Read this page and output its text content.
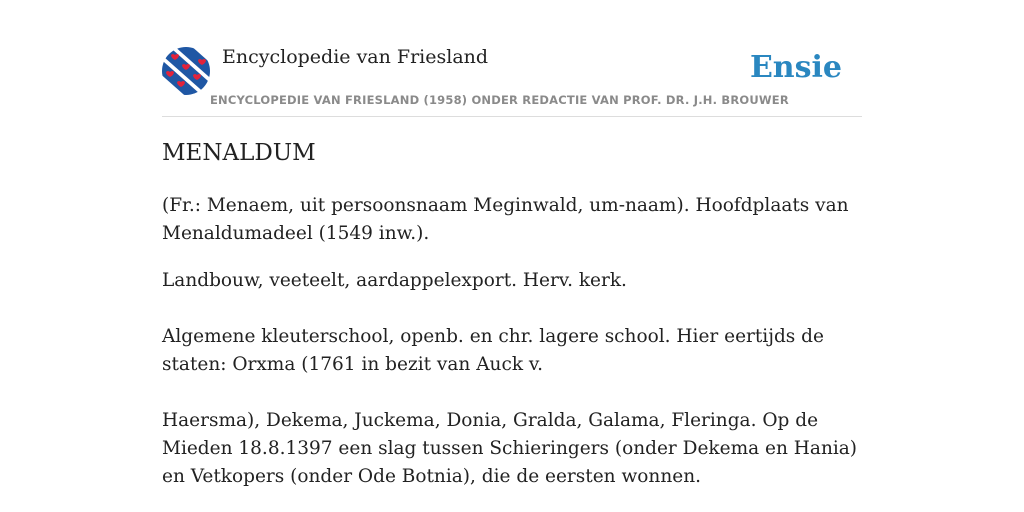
Encyclopedie van Friesland
ENCYCLOPEDIE VAN FRIESLAND (1958) ONDER REDACTIE VAN PROF. DR. J.H. BROUWER
Ensie
MENALDUM

(Fr.: Menaem, uit persoonsnaam Meginwald, um-naam). Hoofdplaats van Menaldumadeel (1549 inw.).

Landbouw, veeteelt, aardappelexport. Herv. kerk.

Algemene kleuterschool, openb. en chr. lagere school. Hier eertijds de staten: Orxma (1761 in bezit van Auck v.

Haersma), Dekema, Juckema, Donia, Gralda, Galama, Fleringa. Op de Mieden 18.8.1397 een slag tussen Schieringers (onder Dekema en Hania) en Vetkopers (onder Ode Botnia), die de eersten wonnen.
